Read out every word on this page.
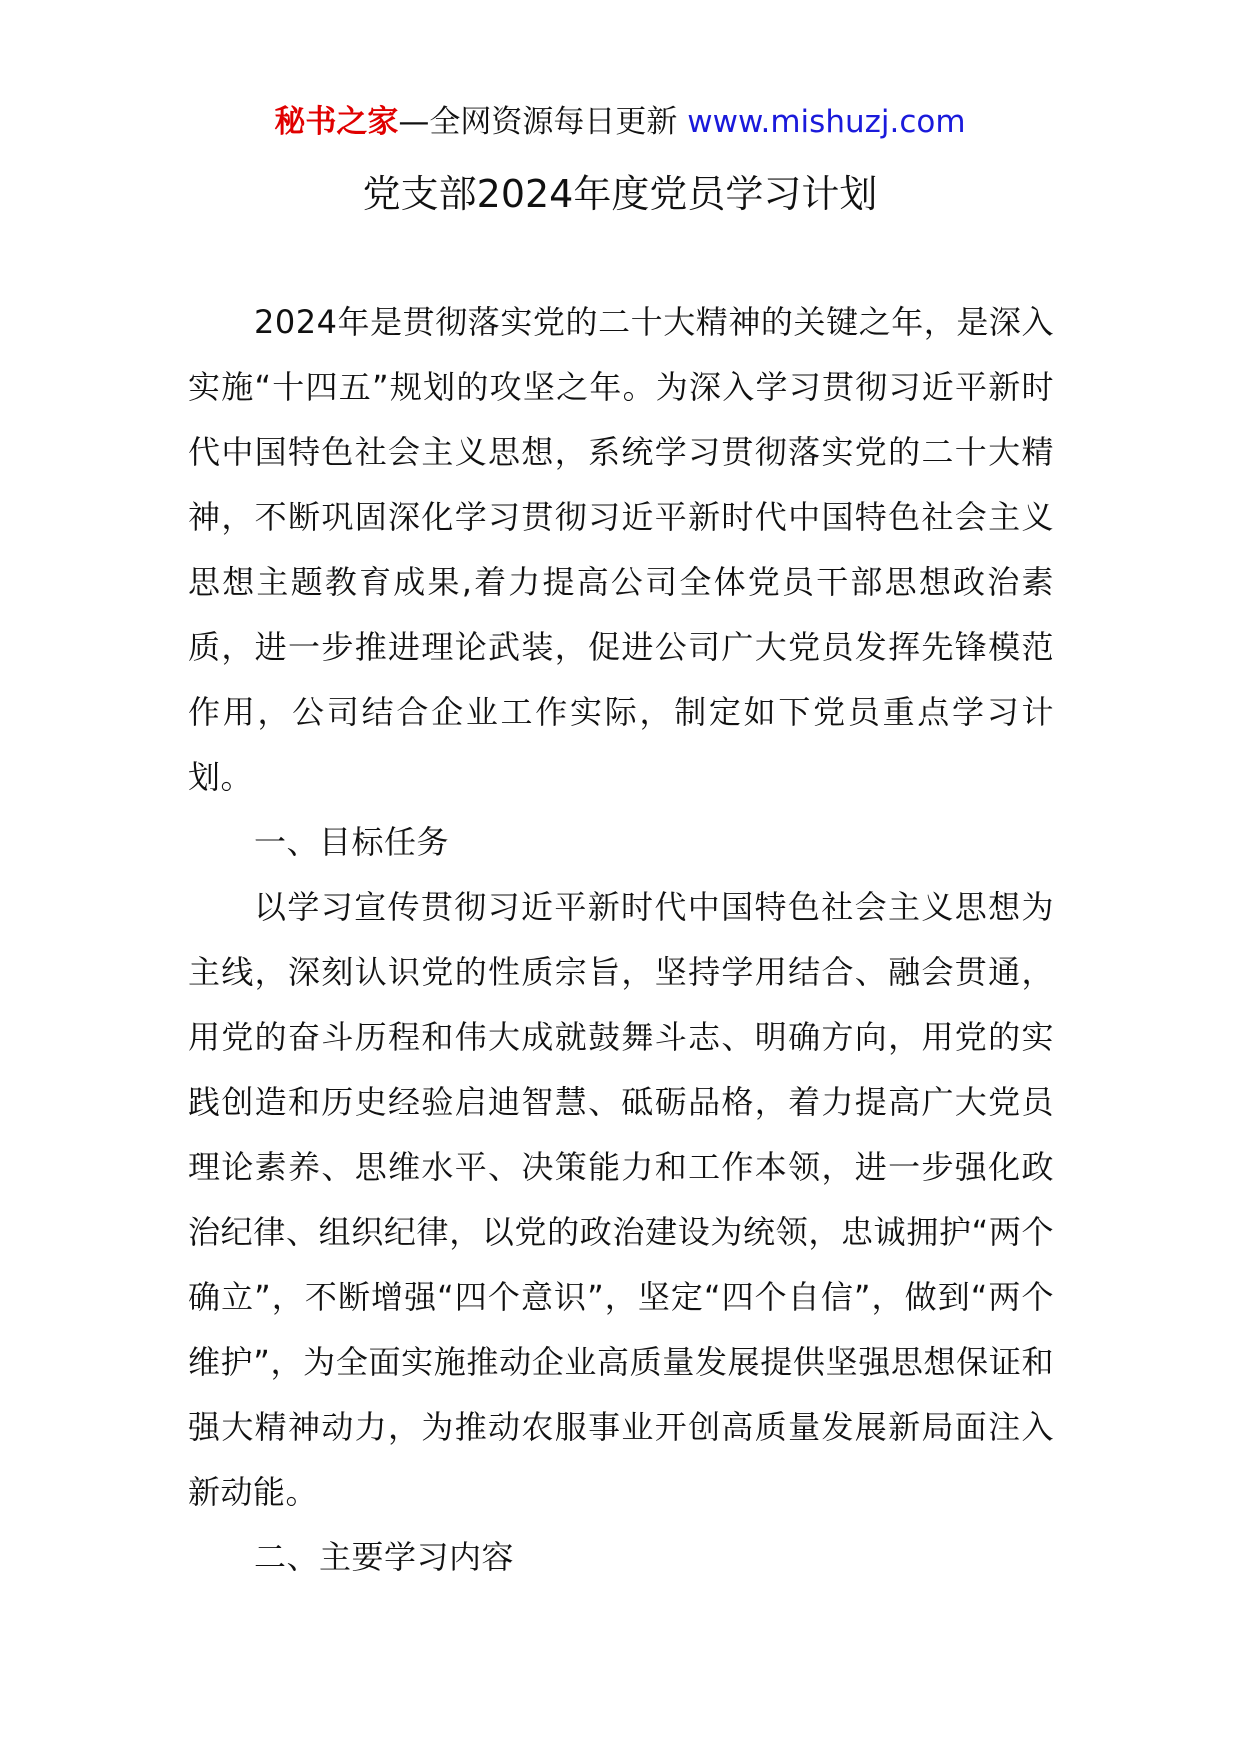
秘书之家—全网资源每日更新 www.mishuzj.com
党支部2024年度党员学习计划

2024年是贯彻落实党的二十大精神的关键之年，是深入实施“十四五”规划的攻坚之年。为深入学习贯彻习近平新时代中国特色社会主义思想，系统学习贯彻落实党的二十大精神，不断巩固深化学习贯彻习近平新时代中国特色社会主义思想主题教育成果,着力提高公司全体党员干部思想政治素质，进一步推进理论武装，促进公司广大党员发挥先锋模范作用，公司结合企业工作实际，制定如下党员重点学习计划。

一、目标任务

以学习宣传贯彻习近平新时代中国特色社会主义思想为主线，深刻认识党的性质宗旨，坚持学用结合、融会贯通，用党的奋斗历程和伟大成就鼓舞斗志、明确方向，用党的实践创造和历史经验启迪智慧、砥砺品格，着力提高广大党员理论素养、思维水平、决策能力和工作本领，进一步强化政治纪律、组织纪律，以党的政治建设为统领，忠诚拥护“两个确立”，不断增强“四个意识”，坚定“四个自信”，做到“两个维护”，为全面实施推动企业高质量发展提供坚强思想保证和强大精神动力，为推动农服事业开创高质量发展新局面注入新动能。

二、主要学习内容
